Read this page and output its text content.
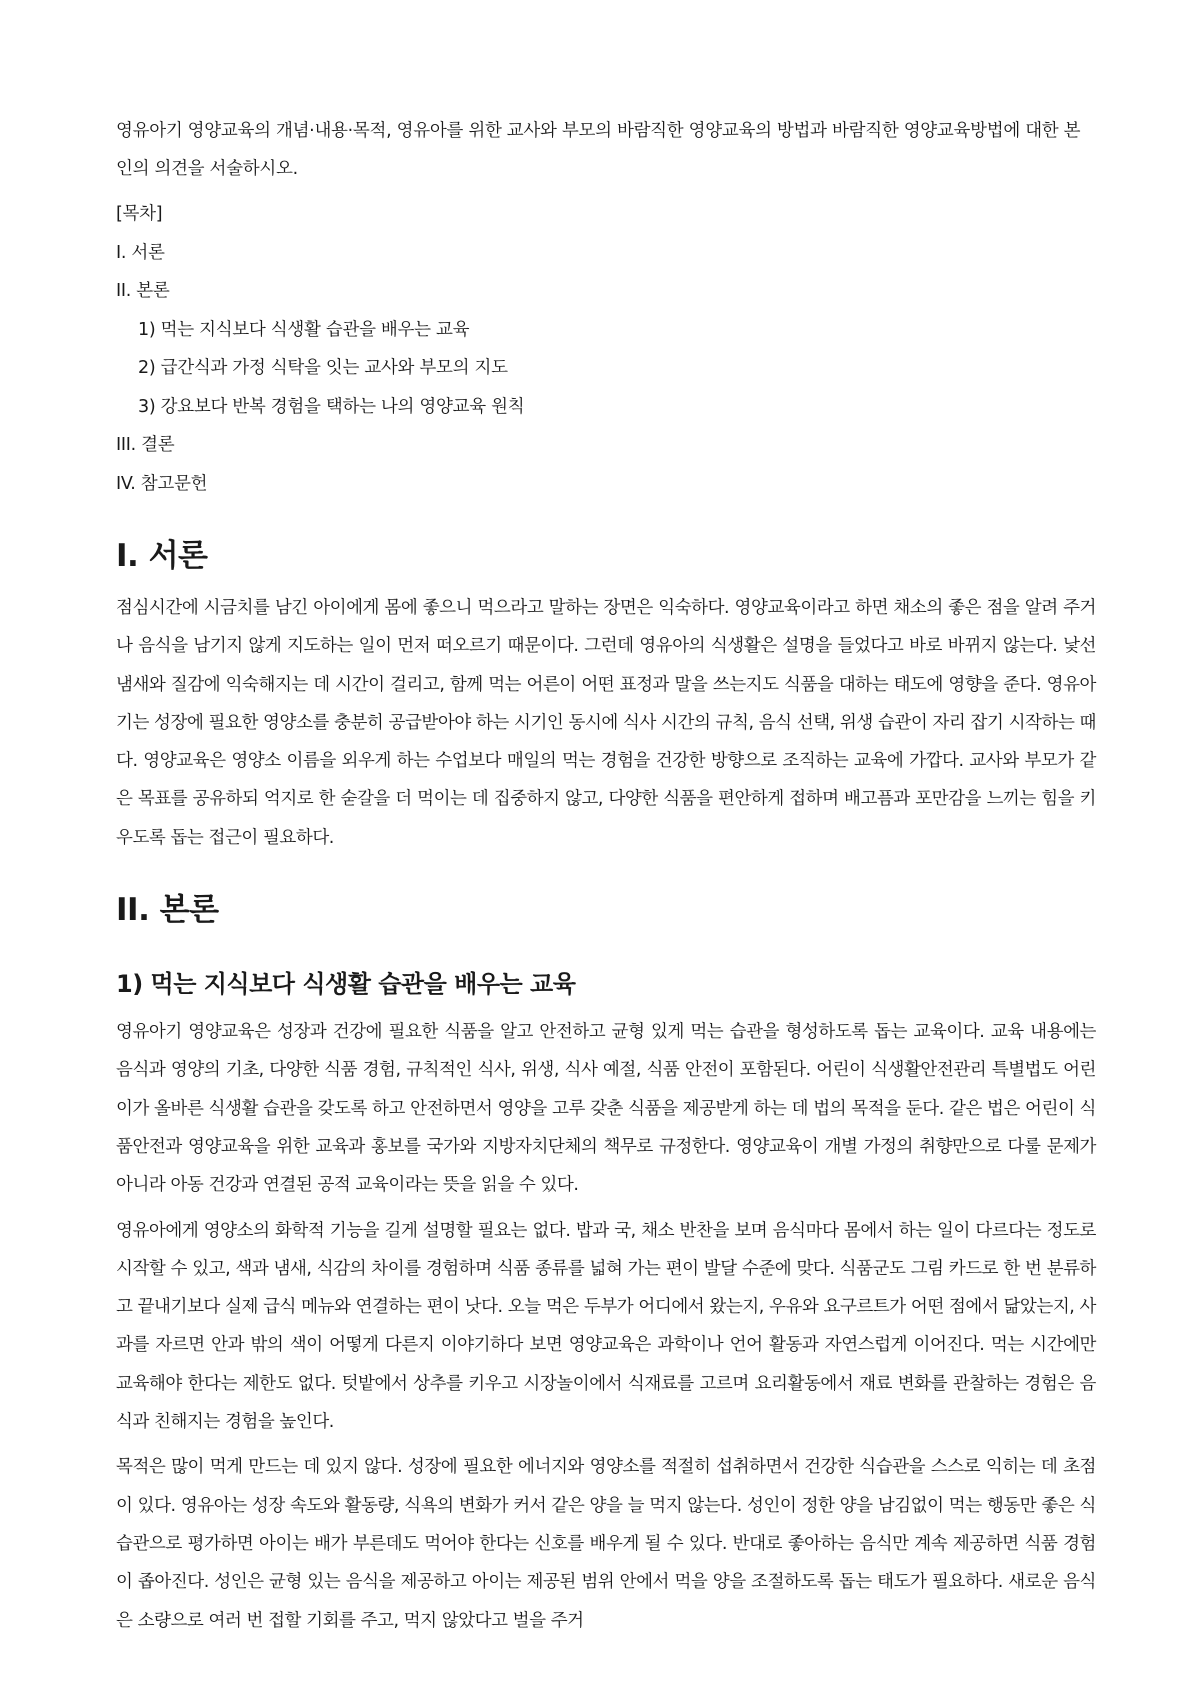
영유아기 영양교육의 개념·내용·목적, 영유아를 위한 교사와 부모의 바람직한 영양교육의 방법과 바람직한 영양교육방법에 대한 본인의 의견을 서술하시오.

[목차]

I. 서론

II. 본론

1) 먹는 지식보다 식생활 습관을 배우는 교육

2) 급간식과 가정 식탁을 잇는 교사와 부모의 지도

3) 강요보다 반복 경험을 택하는 나의 영양교육 원칙

III. 결론

IV. 참고문헌

I. 서론

점심시간에 시금치를 남긴 아이에게 몸에 좋으니 먹으라고 말하는 장면은 익숙하다. 영양교육이라고 하면 채소의 좋은 점을 알려 주거나 음식을 남기지 않게 지도하는 일이 먼저 떠오르기 때문이다. 그런데 영유아의 식생활은 설명을 들었다고 바로 바뀌지 않는다. 낯선 냄새와 질감에 익숙해지는 데 시간이 걸리고, 함께 먹는 어른이 어떤 표정과 말을 쓰는지도 식품을 대하는 태도에 영향을 준다. 영유아기는 성장에 필요한 영양소를 충분히 공급받아야 하는 시기인 동시에 식사 시간의 규칙, 음식 선택, 위생 습관이 자리 잡기 시작하는 때다. 영양교육은 영양소 이름을 외우게 하는 수업보다 매일의 먹는 경험을 건강한 방향으로 조직하는 교육에 가깝다. 교사와 부모가 같은 목표를 공유하되 억지로 한 숟갈을 더 먹이는 데 집중하지 않고, 다양한 식품을 편안하게 접하며 배고픔과 포만감을 느끼는 힘을 키우도록 돕는 접근이 필요하다.

II. 본론
1) 먹는 지식보다 식생활 습관을 배우는 교육

영유아기 영양교육은 성장과 건강에 필요한 식품을 알고 안전하고 균형 있게 먹는 습관을 형성하도록 돕는 교육이다. 교육 내용에는 음식과 영양의 기초, 다양한 식품 경험, 규칙적인 식사, 위생, 식사 예절, 식품 안전이 포함된다. 어린이 식생활안전관리 특별법도 어린이가 올바른 식생활 습관을 갖도록 하고 안전하면서 영양을 고루 갖춘 식품을 제공받게 하는 데 법의 목적을 둔다. 같은 법은 어린이 식품안전과 영양교육을 위한 교육과 홍보를 국가와 지방자치단체의 책무로 규정한다. 영양교육이 개별 가정의 취향만으로 다룰 문제가 아니라 아동 건강과 연결된 공적 교육이라는 뜻을 읽을 수 있다.

영유아에게 영양소의 화학적 기능을 길게 설명할 필요는 없다. 밥과 국, 채소 반찬을 보며 음식마다 몸에서 하는 일이 다르다는 정도로 시작할 수 있고, 색과 냄새, 식감의 차이를 경험하며 식품 종류를 넓혀 가는 편이 발달 수준에 맞다. 식품군도 그림 카드로 한 번 분류하고 끝내기보다 실제 급식 메뉴와 연결하는 편이 낫다. 오늘 먹은 두부가 어디에서 왔는지, 우유와 요구르트가 어떤 점에서 닮았는지, 사과를 자르면 안과 밖의 색이 어떻게 다른지 이야기하다 보면 영양교육은 과학이나 언어 활동과 자연스럽게 이어진다. 먹는 시간에만 교육해야 한다는 제한도 없다. 텃밭에서 상추를 키우고 시장놀이에서 식재료를 고르며 요리활동에서 재료 변화를 관찰하는 경험은 음식과 친해지는 경험을 높인다.

목적은 많이 먹게 만드는 데 있지 않다. 성장에 필요한 에너지와 영양소를 적절히 섭취하면서 건강한 식습관을 스스로 익히는 데 초점이 있다. 영유아는 성장 속도와 활동량, 식욕의 변화가 커서 같은 양을 늘 먹지 않는다. 성인이 정한 양을 남김없이 먹는 행동만 좋은 식습관으로 평가하면 아이는 배가 부른데도 먹어야 한다는 신호를 배우게 될 수 있다. 반대로 좋아하는 음식만 계속 제공하면 식품 경험이 좁아진다. 성인은 균형 있는 음식을 제공하고 아이는 제공된 범위 안에서 먹을 양을 조절하도록 돕는 태도가 필요하다. 새로운 음식은 소량으로 여러 번 접할 기회를 주고, 먹지 않았다고 벌을 주거
